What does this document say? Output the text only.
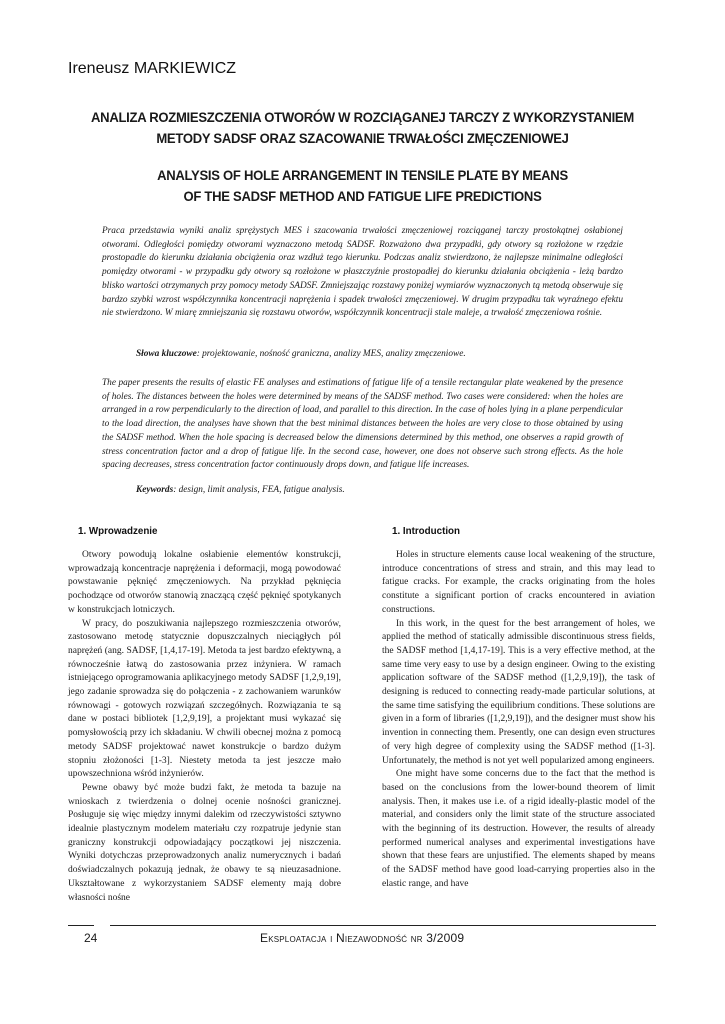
Ireneusz MARKIEWICZ
ANALIZA ROZMIESZCZENIA OTWORÓW W ROZCIĄGANEJ TARCZY Z WYKORZYSTANIEM
METODY SADSF ORAZ SZACOWANIE TRWAŁOŚCI ZMĘCZENIOWEJ
ANALYSIS OF HOLE ARRANGEMENT IN TENSILE PLATE BY MEANS
OF THE SADSF METHOD AND FATIGUE LIFE PREDICTIONS

Praca przedstawia wyniki analiz sprężystych MES i szacowania trwałości zmęczeniowej rozciąganej tarczy prostokątnej osłabionej otworami. Odległości pomiędzy otworami wyznaczono metodą SADSF. Rozważono dwa przypadki, gdy otwory są rozłożone w rzędzie prostopadle do kierunku działania obciążenia oraz wzdłuż tego kierunku. Podczas analiz stwierdzono, że najlepsze minimalne odległości pomiędzy otworami - w przypadku gdy otwory są rozłożone w płaszczyźnie prostopadłej do kierunku działania obciążenia - leżą bardzo blisko wartości otrzymanych przy pomocy metody SADSF. Zmniejszając rozstawy poniżej wymiarów wyznaczonych tą metodą obserwuje się bardzo szybki wzrost współczynnika koncentracji naprężenia i spadek trwałości zmęczeniowej. W drugim przypadku tak wyraźnego efektu nie stwierdzono. W miarę zmniejszania się rozstawu otworów, współczynnik koncentracji stale maleje, a trwałość zmęczeniowa rośnie.

Słowa kluczowe: projektowanie, nośność graniczna, analizy MES, analizy zmęczeniowe.

The paper presents the results of elastic FE analyses and estimations of fatigue life of a tensile rectangular plate weakened by the presence of holes. The distances between the holes were determined by means of the SADSF method. Two cases were considered: when the holes are arranged in a row perpendicularly to the direction of load, and parallel to this direction. In the case of holes lying in a plane perpendicular to the load direction, the analyses have shown that the best minimal distances between the holes are very close to those obtained by using the SADSF method. When the hole spacing is decreased below the dimensions determined by this method, one observes a rapid growth of stress concentration factor and a drop of fatigue life. In the second case, however, one does not observe such strong effects. As the hole spacing decreases, stress concentration factor continuously drops down, and fatigue life increases.

Keywords: design, limit analysis, FEA, fatigue analysis.

1. Wprowadzenie

Otwory powodują lokalne osłabienie elementów konstrukcji, wprowadzają koncentracje naprężenia i deformacji, mogą powodować powstawanie pęknięć zmęczeniowych. Na przykład pęknięcia pochodzące od otworów stanowią znaczącą część pęknięć spotykanych w konstrukcjach lotniczych.

W pracy, do poszukiwania najlepszego rozmieszczenia otworów, zastosowano metodę statycznie dopuszczalnych nieciągłych pól naprężeń (ang. SADSF, [1,4,17-19]. Metoda ta jest bardzo efektywną, a równocześnie łatwą do zastosowania przez inżyniera. W ramach istniejącego oprogramowania aplikacyjnego metody SADSF [1,2,9,19], jego zadanie sprowadza się do połączenia - z zachowaniem warunków równowagi - gotowych rozwiązań szczegółnych. Rozwiązania te są dane w postaci bibliotek [1,2,9,19], a projektant musi wykazać się pomysłowością przy ich składaniu. W chwili obecnej można z pomocą metody SADSF projektować nawet konstrukcje o bardzo dużym stopniu złożoności [1-3]. Niestety metoda ta jest jeszcze mało upowszechniona wśród inżynierów.

Pewne obawy być może budzi fakt, że metoda ta bazuje na wnioskach z twierdzenia o dolnej ocenie nośności granicznej. Posługuje się więc między innymi dalekim od rzeczywistości sztywno idealnie plastycznym modelem materiału czy rozpatruje jedynie stan graniczny konstrukcji odpowiadający początkowi jej niszczenia. Wyniki dotychczas przeprowadzonych analiz numerycznych i badań doświadczalnych pokazują jednak, że obawy te są nieuzasadnione. Ukształtowane z wykorzystaniem SADSF elementy mają dobre własności nośne

1. Introduction

Holes in structure elements cause local weakening of the structure, introduce concentrations of stress and strain, and this may lead to fatigue cracks. For example, the cracks originating from the holes constitute a significant portion of cracks encountered in aviation constructions.

In this work, in the quest for the best arrangement of holes, we applied the method of statically admissible discontinuous stress fields, the SADSF method [1,4,17-19]. This is a very effective method, at the same time very easy to use by a design engineer. Owing to the existing application software of the SADSF method ([1,2,9,19]), the task of designing is reduced to connecting ready-made particular solutions, at the same time satisfying the equilibrium conditions. These solutions are given in a form of libraries ([1,2,9,19]), and the designer must show his invention in connecting them. Presently, one can design even structures of very high degree of complexity using the SADSF method ([1-3]. Unfortunately, the method is not yet well popularized among engineers.

One might have some concerns due to the fact that the method is based on the conclusions from the lower-bound theorem of limit analysis. Then, it makes use i.e. of a rigid ideally-plastic model of the material, and considers only the limit state of the structure associated with the beginning of its destruction. However, the results of already performed numerical analyses and experimental investigations have shown that these fears are unjustified. The elements shaped by means of the SADSF method have good load-carrying properties also in the elastic range, and have

24	Eksploatacja i Niezawodność nr 3/2009
